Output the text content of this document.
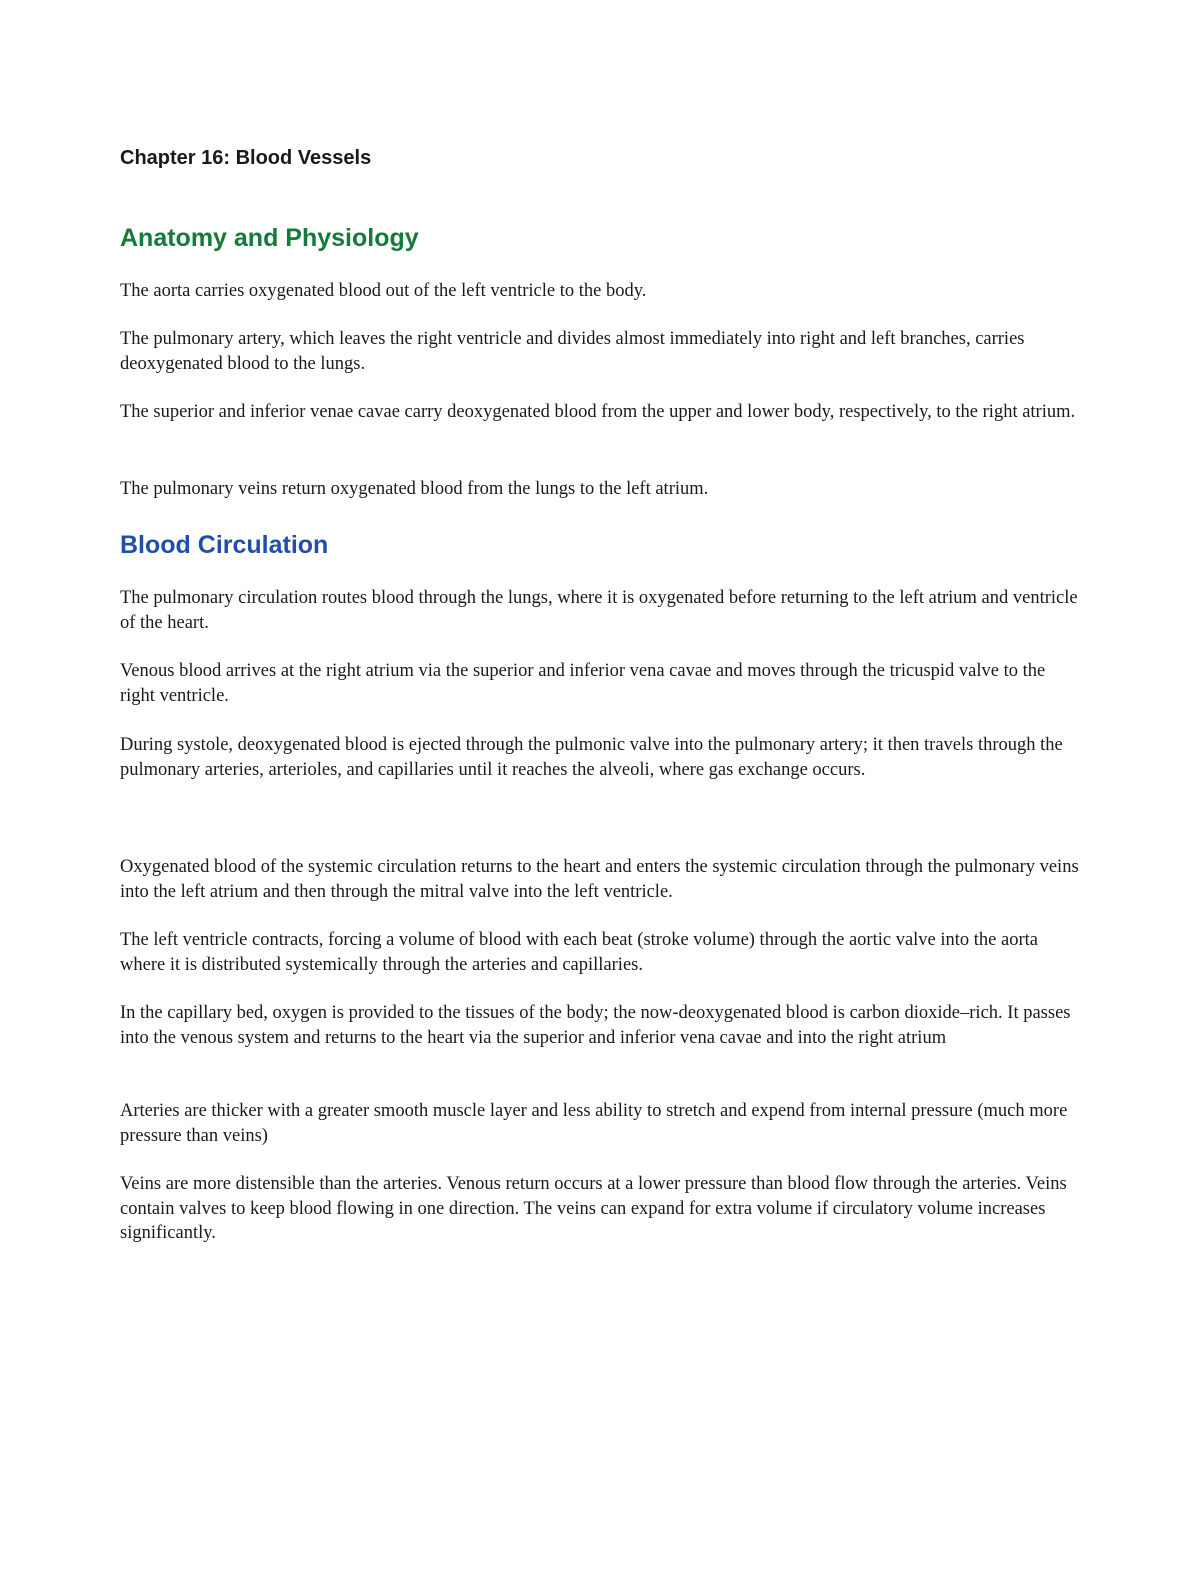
Chapter 16: Blood Vessels
Anatomy and Physiology

The aorta carries oxygenated blood out of the left ventricle to the body.

The pulmonary artery, which leaves the right ventricle and divides almost immediately into right and left branches, carries deoxygenated blood to the lungs.

The superior and inferior venae cavae carry deoxygenated blood from the upper and lower body, respectively, to the right atrium.

The pulmonary veins return oxygenated blood from the lungs to the left atrium.

Blood Circulation

The pulmonary circulation routes blood through the lungs, where it is oxygenated before returning to the left atrium and ventricle of the heart.

Venous blood arrives at the right atrium via the superior and inferior vena cavae and moves through the tricuspid valve to the right ventricle.

During systole, deoxygenated blood is ejected through the pulmonic valve into the pulmonary artery; it then travels through the pulmonary arteries, arterioles, and capillaries until it reaches the alveoli, where gas exchange occurs.

Oxygenated blood of the systemic circulation returns to the heart and enters the systemic circulation through the pulmonary veins into the left atrium and then through the mitral valve into the left ventricle.

The left ventricle contracts, forcing a volume of blood with each beat (stroke volume) through the aortic valve into the aorta where it is distributed systemically through the arteries and capillaries.

In the capillary bed, oxygen is provided to the tissues of the body; the now-deoxygenated blood is carbon dioxide–rich. It passes into the venous system and returns to the heart via the superior and inferior vena cavae and into the right atrium

Arteries are thicker with a greater smooth muscle layer and less ability to stretch and expend from internal pressure (much more pressure than veins)

Veins are more distensible than the arteries. Venous return occurs at a lower pressure than blood flow through the arteries. Veins contain valves to keep blood flowing in one direction. The veins can expand for extra volume if circulatory volume increases significantly.
